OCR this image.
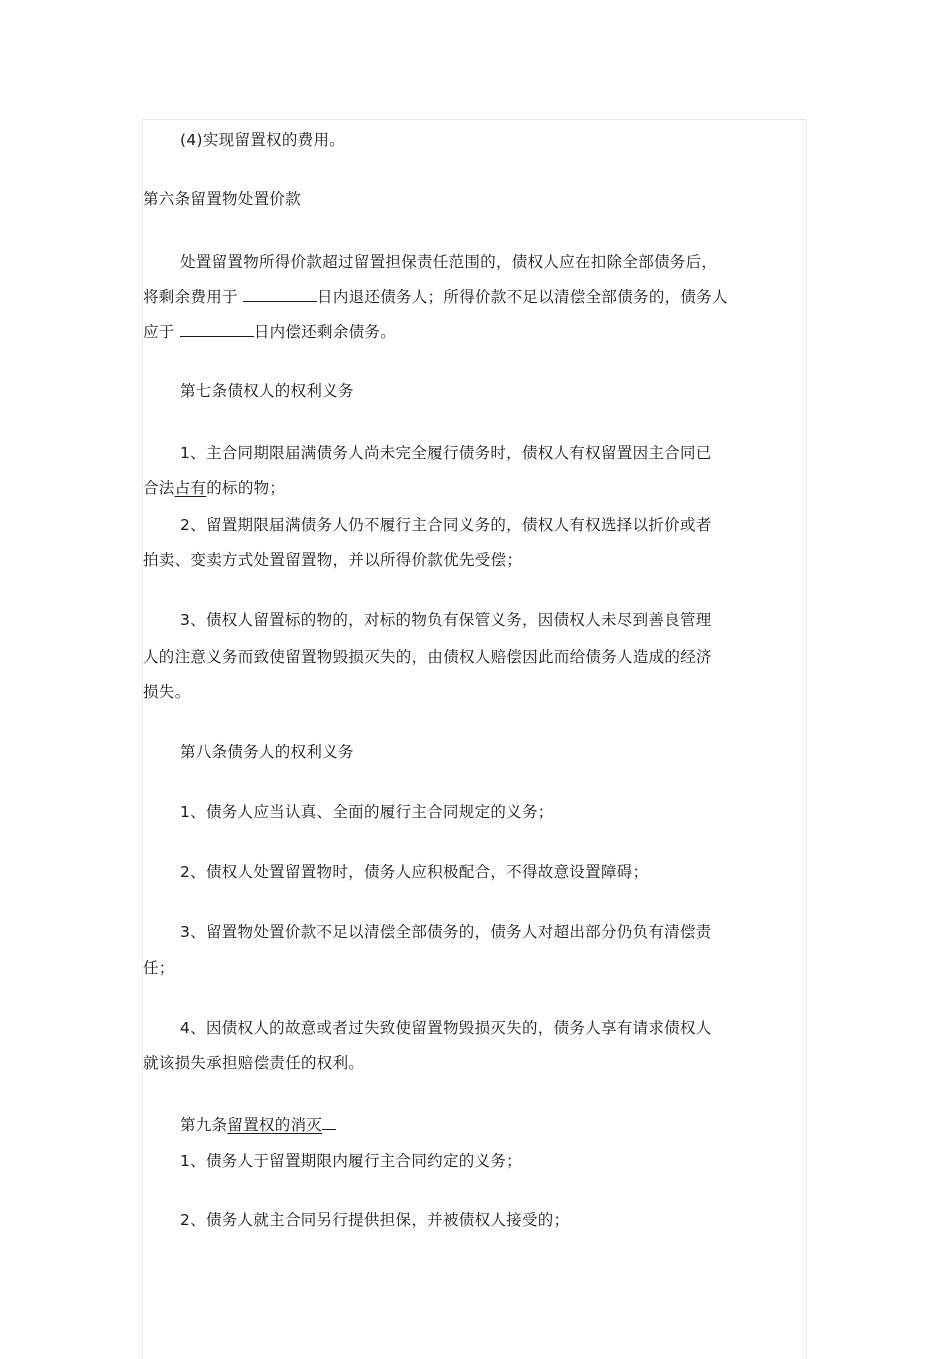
(4)实现留置权的费用。
第六条留置物处置价款
处置留置物所得价款超过留置担保责任范围的，债权人应在扣除全部债务后，
将剩余费用于	日内退还债务人；所得价款不足以清偿全部债务的，债务人
应于	日内偿还剩余债务。
第七条债权人的权利义务
1、主合同期限届满债务人尚未完全履行债务时，债权人有权留置因主合同已
合法占有的标的物；
2、留置期限届满债务人仍不履行主合同义务的，债权人有权选择以折价或者
拍卖、变卖方式处置留置物，并以所得价款优先受偿；
3、债权人留置标的物的，对标的物负有保管义务，因债权人未尽到善良管理
人的注意义务而致使留置物毁损灭失的，由债权人赔偿因此而给债务人造成的经济
损失。
第八条债务人的权利义务
1、债务人应当认真、全面的履行主合同规定的义务；
2、债权人处置留置物时，债务人应积极配合，不得故意设置障碍；
3、留置物处置价款不足以清偿全部债务的，债务人对超出部分仍负有清偿责
任；
4、因债权人的故意或者过失致使留置物毁损灭失的，债务人享有请求债权人
就该损失承担赔偿责任的权利。
第九条留置权的消灭
1、债务人于留置期限内履行主合同约定的义务；
2、债务人就主合同另行提供担保，并被债权人接受的；
